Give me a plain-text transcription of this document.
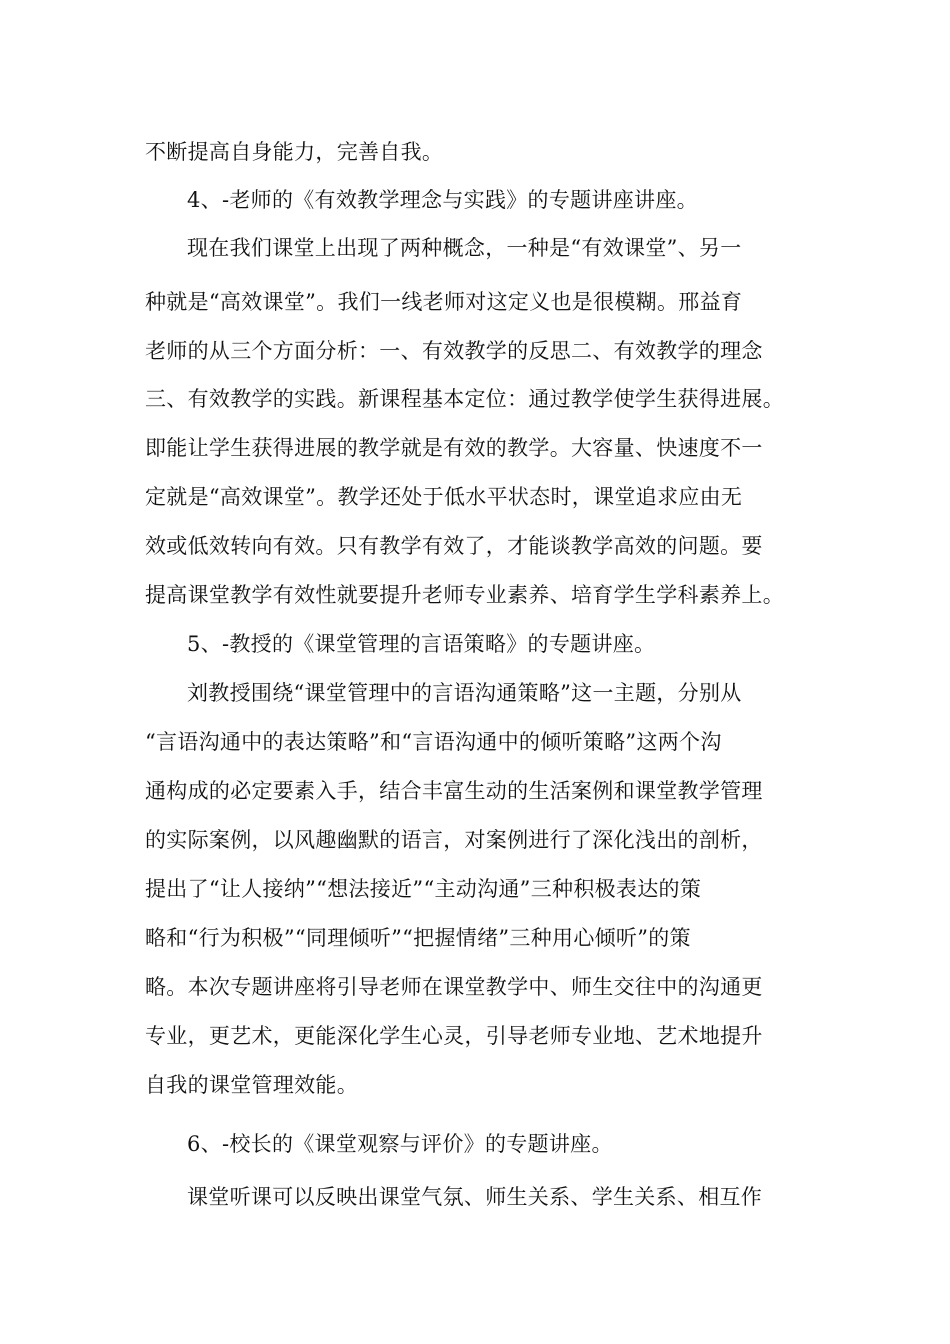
不断提高自身能力，完善自我。
4、-老师的《有效教学理念与实践》的专题讲座讲座。
现在我们课堂上出现了两种概念，一种是“有效课堂”、另一
种就是“高效课堂”。我们一线老师对这定义也是很模糊。邢益育
老师的从三个方面分析：一、有效教学的反思二、有效教学的理念
三、有效教学的实践。新课程基本定位：通过教学使学生获得进展。
即能让学生获得进展的教学就是有效的教学。大容量、快速度不一
定就是“高效课堂”。教学还处于低水平状态时，课堂追求应由无
效或低效转向有效。只有教学有效了，才能谈教学高效的问题。要
提高课堂教学有效性就要提升老师专业素养、培育学生学科素养上。
5、-教授的《课堂管理的言语策略》的专题讲座。
刘教授围绕“课堂管理中的言语沟通策略”这一主题，分别从
“言语沟通中的表达策略”和“言语沟通中的倾听策略”这两个沟
通构成的必定要素入手，结合丰富生动的生活案例和课堂教学管理
的实际案例，以风趣幽默的语言，对案例进行了深化浅出的剖析，
提出了“让人接纳”“想法接近”“主动沟通”三种积极表达的策
略和“行为积极”“同理倾听”“把握情绪”三种用心倾听”的策
略。本次专题讲座将引导老师在课堂教学中、师生交往中的沟通更
专业，更艺术，更能深化学生心灵，引导老师专业地、艺术地提升
自我的课堂管理效能。
6、-校长的《课堂观察与评价》的专题讲座。
课堂听课可以反映出课堂气氛、师生关系、学生关系、相互作
